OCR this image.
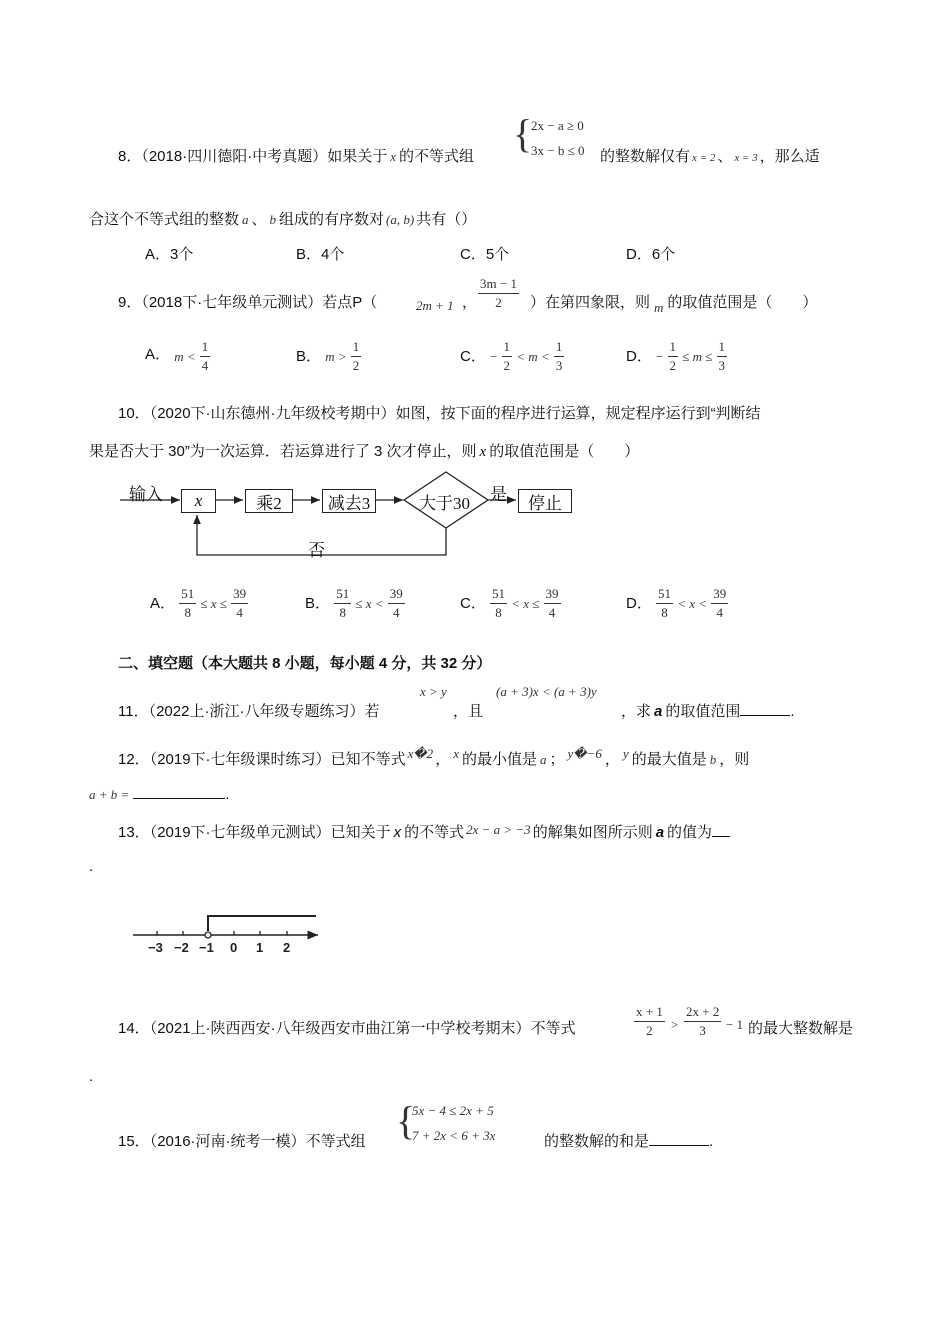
{
2x − a ≥ 0
3x − b ≤ 0
8．（2018·四川德阳·中考真题）如果关于 x 的不等式组	的整数解仅有 x = 2 、 x = 3 ，那么适
合这个不等式组的整数 a 、 b 组成的有序数对 (a, b) 共有（）
A．3个	B．4个	C．5个	D．6个
9．（2018下·七年级单元测试）若点P（	2m + 1 ， $\frac{3m - 1}{2}$ ）在第四象限，则 m 的取值范围是（　　）
A． $m < \frac{1}{4}$	B． $m > \frac{1}{2}$	C． − $\frac{1}{2} < m < \frac{1}{3}$	D． − $\frac{1}{2} \le m \le \frac{1}{3}$
10．（2020下·山东德州·九年级校考期中）如图，按下面的程序进行运算，规定程序运行到“判断结
果是否大于 30”为一次运算．若运算进行了 3 次才停止，则 x 的取值范围是（　　）
输入	x	乘2	减去3	大于30 是	停止
否
A． $\frac{51}{8} \le x \le \frac{39}{4}$	B． $\frac{51}{8} \le x < \frac{39}{4}$	C． $\frac{51}{8} < x \le \frac{39}{4}$	D． $\frac{51}{8} < x < \frac{39}{4}$
二、填空题（本大题共 8 小题，每小题 4 分，共 32 分）
x > y	(a + 3)x < (a + 3)y
11．（2022上·浙江·八年级专题练习）若	，且	，求 a 的取值范围	.
12．（2019下·七年级课时练习）已知不等式 x�2 ， x 的最小值是 a ； y�−6 ， y 的最大值是 b ，则
a + b =	.
13．（2019下·七年级单元测试）已知关于 x 的不等式 2x − a > −3 的解集如图所示则 a 的值为
.
−3 −2 −1 0 1 2
14．（2021上·陕西西安·八年级西安市曲江第一中学校考期末）不等式	$\frac{x + 1}{2} > \frac{2x + 2}{3} - 1$ 的最大整数解是
.
{
5x − 4 ≤ 2x + 5
7 + 2x < 6 + 3x
15．（2016·河南·统考一模）不等式组	的整数解的和是	.
